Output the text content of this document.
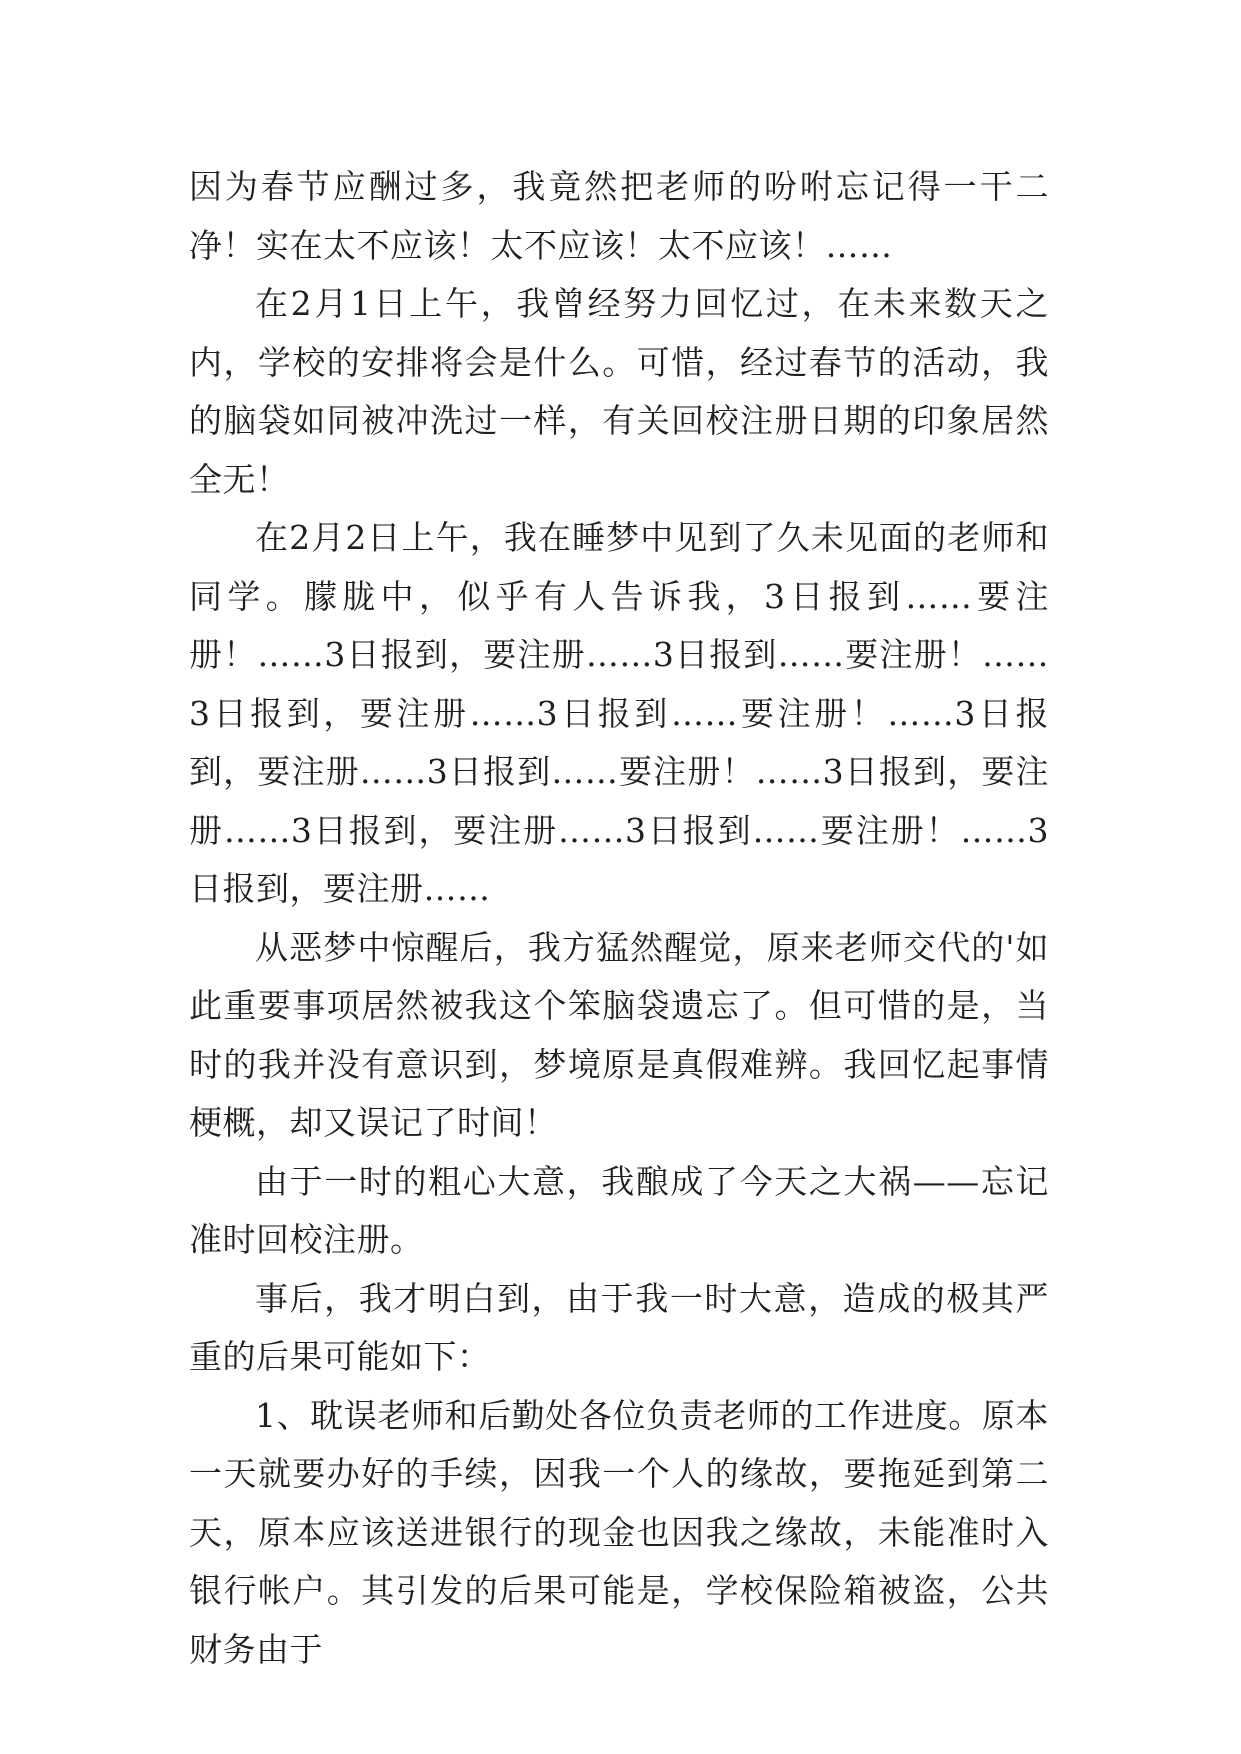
因为春节应酬过多，我竟然把老师的吩咐忘记得一干二净！实在太不应该！太不应该！太不应该！……

在2月1日上午，我曾经努力回忆过，在未来数天之内，学校的安排将会是什么。可惜，经过春节的活动，我的脑袋如同被冲洗过一样，有关回校注册日期的印象居然全无！

在2月2日上午，我在睡梦中见到了久未见面的老师和同学。朦胧中，似乎有人告诉我，3日报到……要注册！……3日报到，要注册……3日报到……要注册！……3日报到，要注册……3日报到……要注册！……3日报到，要注册……3日报到……要注册！……3日报到，要注册……3日报到，要注册……3日报到……要注册！……3日报到，要注册……

从恶梦中惊醒后，我方猛然醒觉，原来老师交代的'如此重要事项居然被我这个笨脑袋遗忘了。但可惜的是，当时的我并没有意识到，梦境原是真假难辨。我回忆起事情梗概，却又误记了时间！

由于一时的粗心大意，我酿成了今天之大祸——忘记准时回校注册。

事后，我才明白到，由于我一时大意，造成的极其严重的后果可能如下：

1、耽误老师和后勤处各位负责老师的工作进度。原本一天就要办好的手续，因我一个人的缘故，要拖延到第二天，原本应该送进银行的现金也因我之缘故，未能准时入银行帐户。其引发的后果可能是，学校保险箱被盗，公共财务由于
